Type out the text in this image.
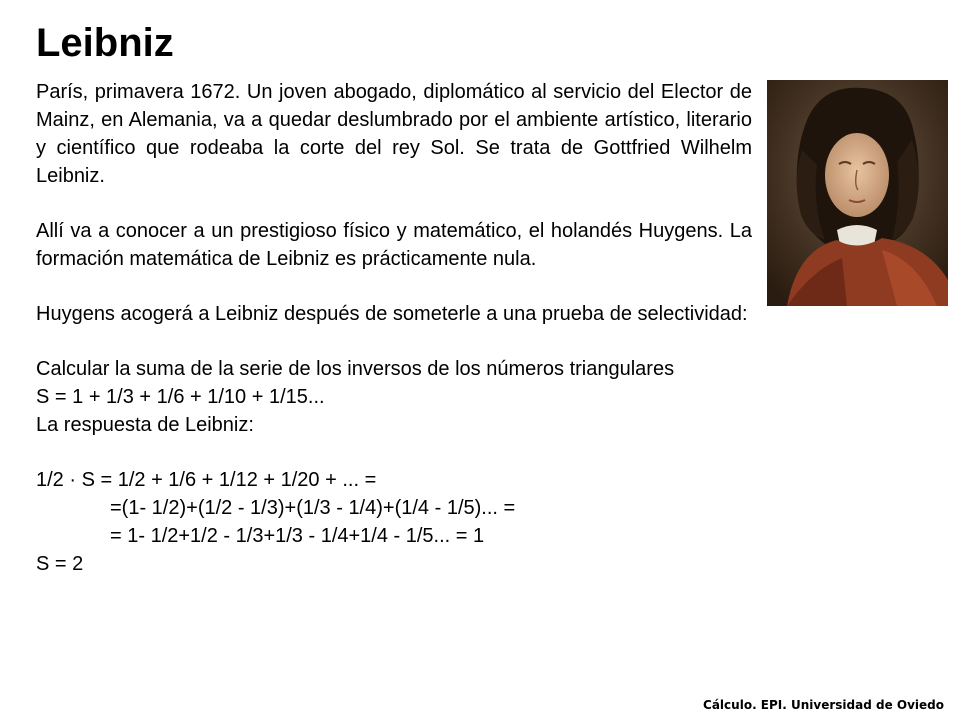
Leibniz

París, primavera 1672. Un joven abogado, diplomático al servicio del Elector de Mainz, en Alemania, va a quedar deslumbrado por el ambiente artístico, literario y científico que rodeaba la corte del rey Sol. Se trata de Gottfried Wilhelm Leibniz.

Allí va a conocer a un prestigioso físico y matemático, el holandés Huygens. La formación matemática de Leibniz es prácticamente nula.

Huygens acogerá a Leibniz después de someterle a una prueba de selectividad:

Calcular la suma de la serie de los inversos de los números triangulares

S = 1 + 1/3 + 1/6 + 1/10 + 1/15...

La respuesta de Leibniz:

1/2 · S = 1/2 + 1/6 + 1/12 + 1/20 + ... =

=(1- 1/2)+(1/2 - 1/3)+(1/3 - 1/4)+(1/4 - 1/5)... =

= 1- 1/2+1/2 - 1/3+1/3 - 1/4+1/4 - 1/5... = 1

S = 2

Cálculo. EPI. Universidad de Oviedo
